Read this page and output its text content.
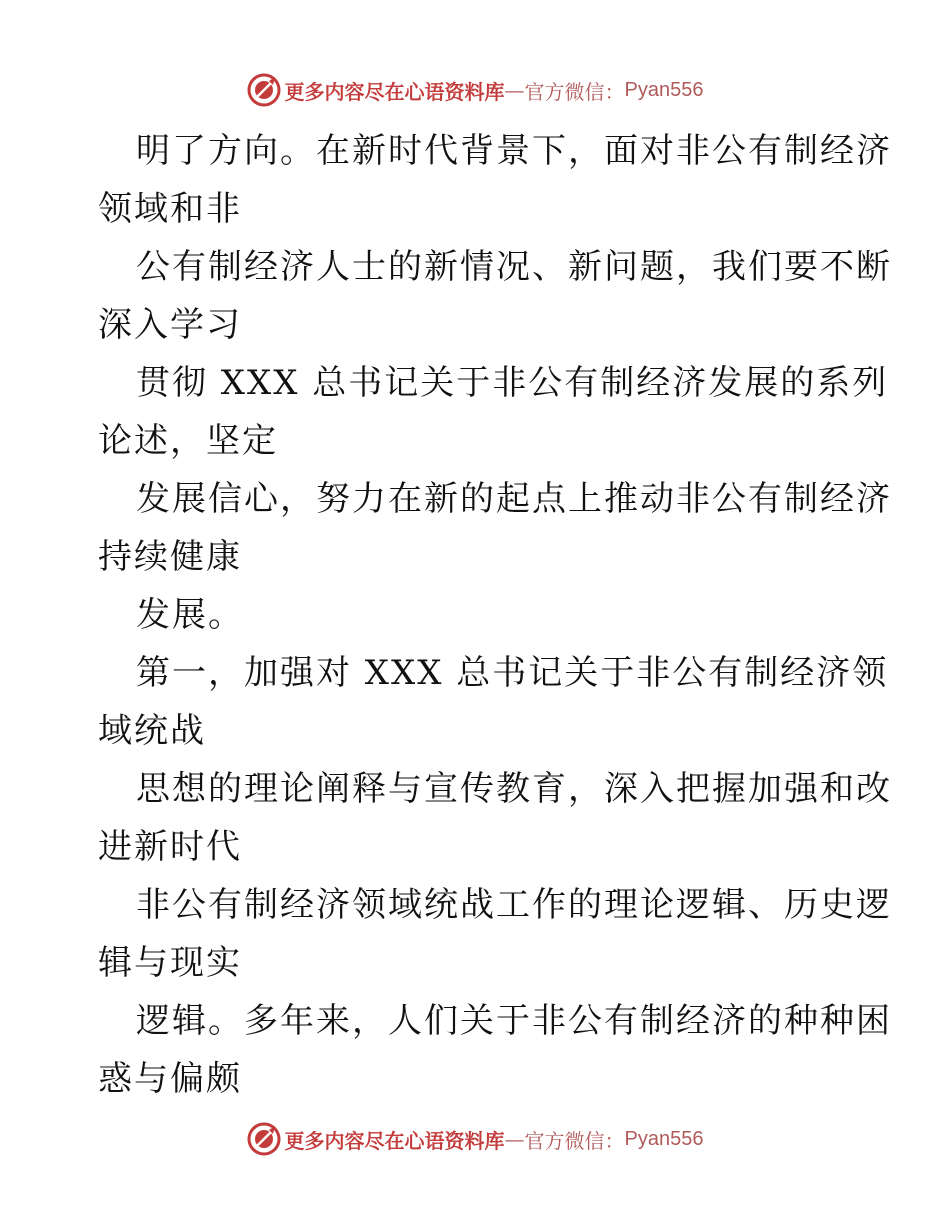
更多内容尽在心语资料库 — 官方微信： Pyan556

明了方向。在新时代背景下，面对非公有制经济
领域和非

公有制经济人士的新情况、新问题，我们要不断
深入学习

贯彻 XXX 总书记关于非公有制经济发展的系列
论述，坚定

发展信心，努力在新的起点上推动非公有制经济
持续健康

发展。

第一，加强对 XXX 总书记关于非公有制经济领
域统战

思想的理论阐释与宣传教育，深入把握加强和改
进新时代

非公有制经济领域统战工作的理论逻辑、历史逻
辑与现实

逻辑。多年来，人们关于非公有制经济的种种困
惑与偏颇

更多内容尽在心语资料库 — 官方微信： Pyan556
